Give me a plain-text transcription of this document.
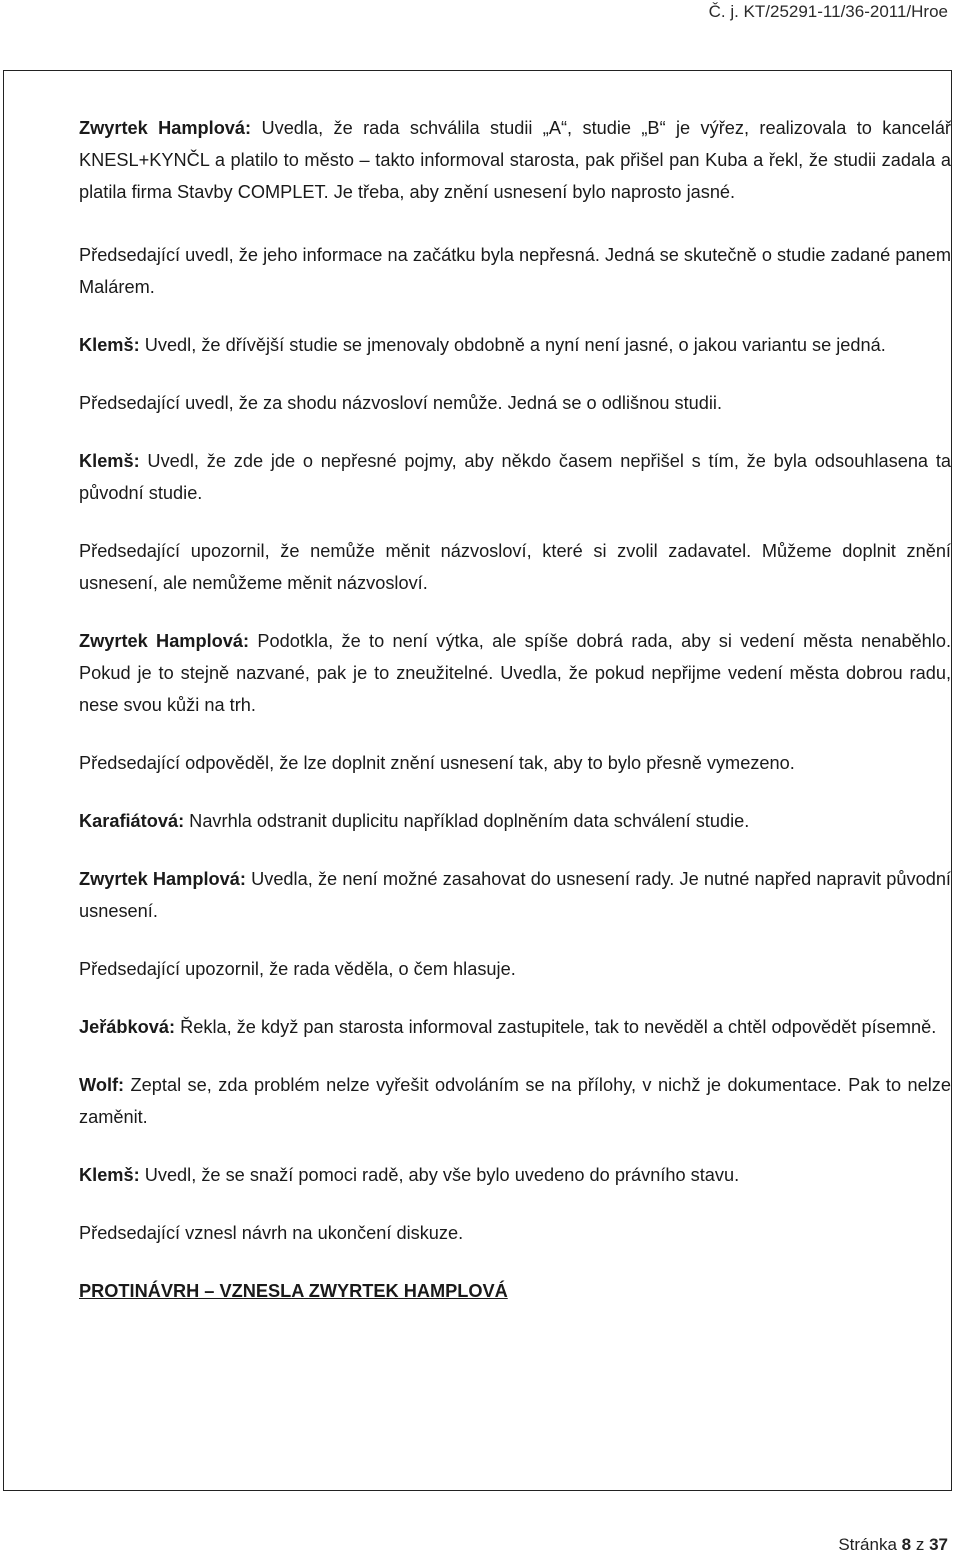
Č. j. KT/25291-11/36-2011/Hroe

Zwyrtek Hamplová: Uvedla, že rada schválila studii „A“, studie „B“ je výřez, realizovala to kancelář KNESL+KYNČL a platilo to město – takto informoval starosta, pak přišel pan Kuba a řekl, že studii zadala a platila firma Stavby COMPLET. Je třeba, aby znění usnesení bylo naprosto jasné.

Předsedající uvedl, že jeho informace na začátku byla nepřesná. Jedná se skutečně o studie zadané panem Malárem.

Klemš: Uvedl, že dřívější studie se jmenovaly obdobně a nyní není jasné, o jakou variantu se jedná.

Předsedající uvedl, že za shodu názvosloví nemůže. Jedná se o odlišnou studii.

Klemš: Uvedl, že zde jde o nepřesné pojmy, aby někdo časem nepřišel s tím, že byla odsouhlasena ta původní studie.

Předsedající upozornil, že nemůže měnit názvosloví, které si zvolil zadavatel. Můžeme doplnit znění usnesení, ale nemůžeme měnit názvosloví.

Zwyrtek Hamplová: Podotkla, že to není výtka, ale spíše dobrá rada, aby si vedení města nenaběhlo. Pokud je to stejně nazvané, pak je to zneužitelné. Uvedla, že pokud nepřijme vedení města dobrou radu, nese svou kůži na trh.

Předsedající odpověděl, že lze doplnit znění usnesení tak, aby to bylo přesně vymezeno.

Karafiátová: Navrhla odstranit duplicitu například doplněním data schválení studie.

Zwyrtek Hamplová: Uvedla, že není možné zasahovat do usnesení rady. Je nutné napřed napravit původní usnesení.

Předsedající upozornil, že rada věděla, o čem hlasuje.

Jeřábková: Řekla, že když pan starosta informoval zastupitele, tak to nevěděl a chtěl odpovědět písemně.

Wolf: Zeptal se, zda problém nelze vyřešit odvoláním se na přílohy, v nichž je dokumentace. Pak to nelze zaměnit.

Klemš: Uvedl, že se snaží pomoci radě, aby vše bylo uvedeno do právního stavu.

Předsedající vznesl návrh na ukončení diskuze.

PROTINÁVRH – VZNESLA ZWYRTEK HAMPLOVÁ
Stránka 8 z 37
